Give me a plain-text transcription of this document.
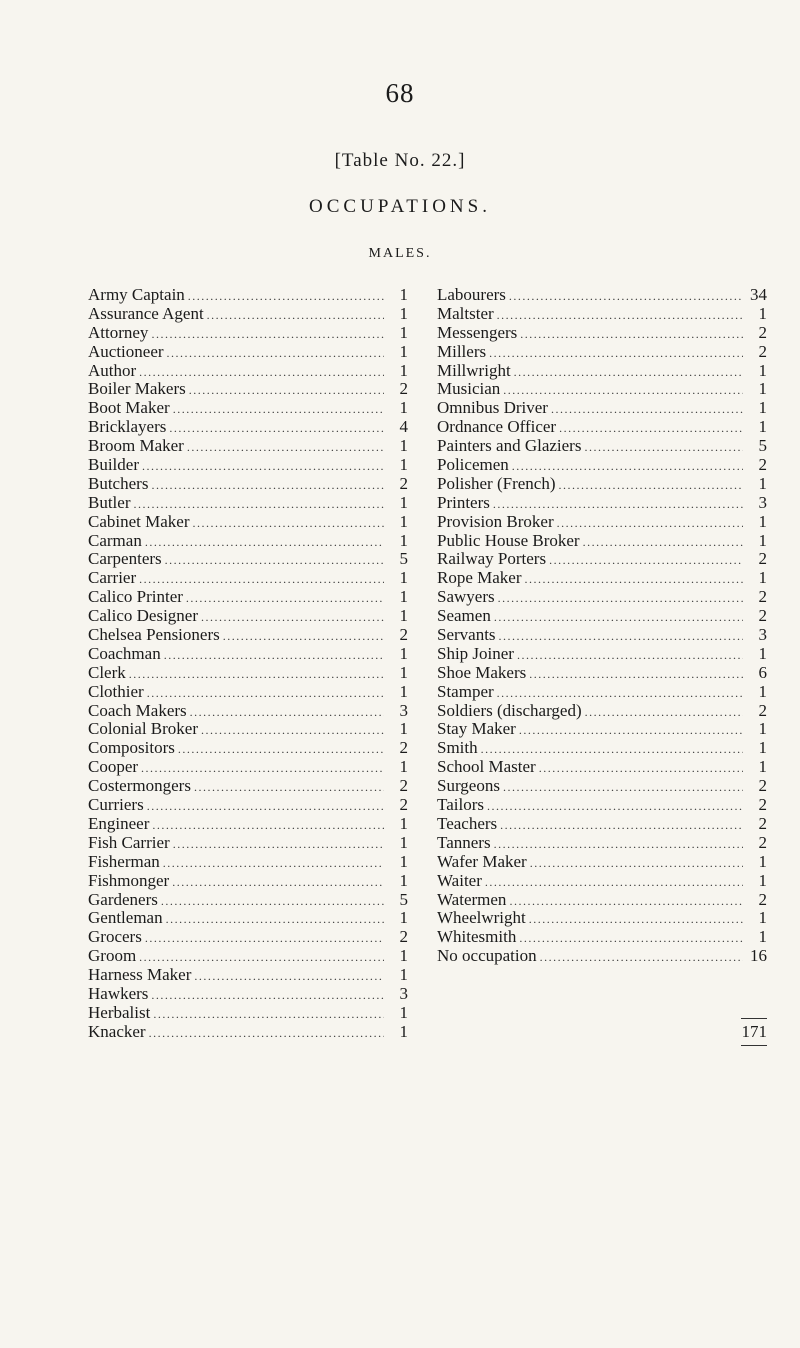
68
[Table No. 22.]
OCCUPATIONS.
MALES.
Army Captain .....	1
Assurance Agent .....	1
Attorney .....	1
Auctioneer .....	1
Author .....	1
Boiler Makers .....	2
Boot Maker .....	1
Bricklayers .....	4
Broom Maker .....	1
Builder .....	1
Butchers .....	2
Butler .....	1
Cabinet Maker .....	1
Carman .....	1
Carpenters .....	5
Carrier .....	1
Calico Printer .....	1
Calico Designer .....	1
Chelsea Pensioners .....	2
Coachman .....	1
Clerk .....	1
Clothier .....	1
Coach Makers .....	3
Colonial Broker .....	1
Compositors .....	2
Cooper .....	1
Costermongers .....	2
Curriers .....	2
Engineer .....	1
Fish Carrier .....	1
Fisherman .....	1
Fishmonger .....	1
Gardeners .....	5
Gentleman .....	1
Grocers .....	2
Groom .....	1
Harness Maker .....	1
Hawkers .....	3
Herbalist .....	1
Knacker .....	1
Labourers .....	34
Maltster .....	1
Messengers .....	2
Millers .....	2
Millwright .....	1
Musician .....	1
Omnibus Driver .....	1
Ordnance Officer .....	1
Painters and Glaziers .....	5
Policemen .....	2
Polisher (French) .....	1
Printers .....	3
Provision Broker .....	1
Public House Broker .....	1
Railway Porters .....	2
Rope Maker .....	1
Sawyers .....	2
Seamen .....	2
Servants .....	3
Ship Joiner .....	1
Shoe Makers .....	6
Stamper .....	1
Soldiers (discharged) .....	2
Stay Maker .....	1
Smith .....	1
School Master .....	1
Surgeons .....	2
Tailors .....	2
Teachers .....	2
Tanners .....	2
Wafer Maker .....	1
Waiter .....	1
Watermen .....	2
Wheelwright .....	1
Whitesmith .....	1
No occupation .....	16
171
